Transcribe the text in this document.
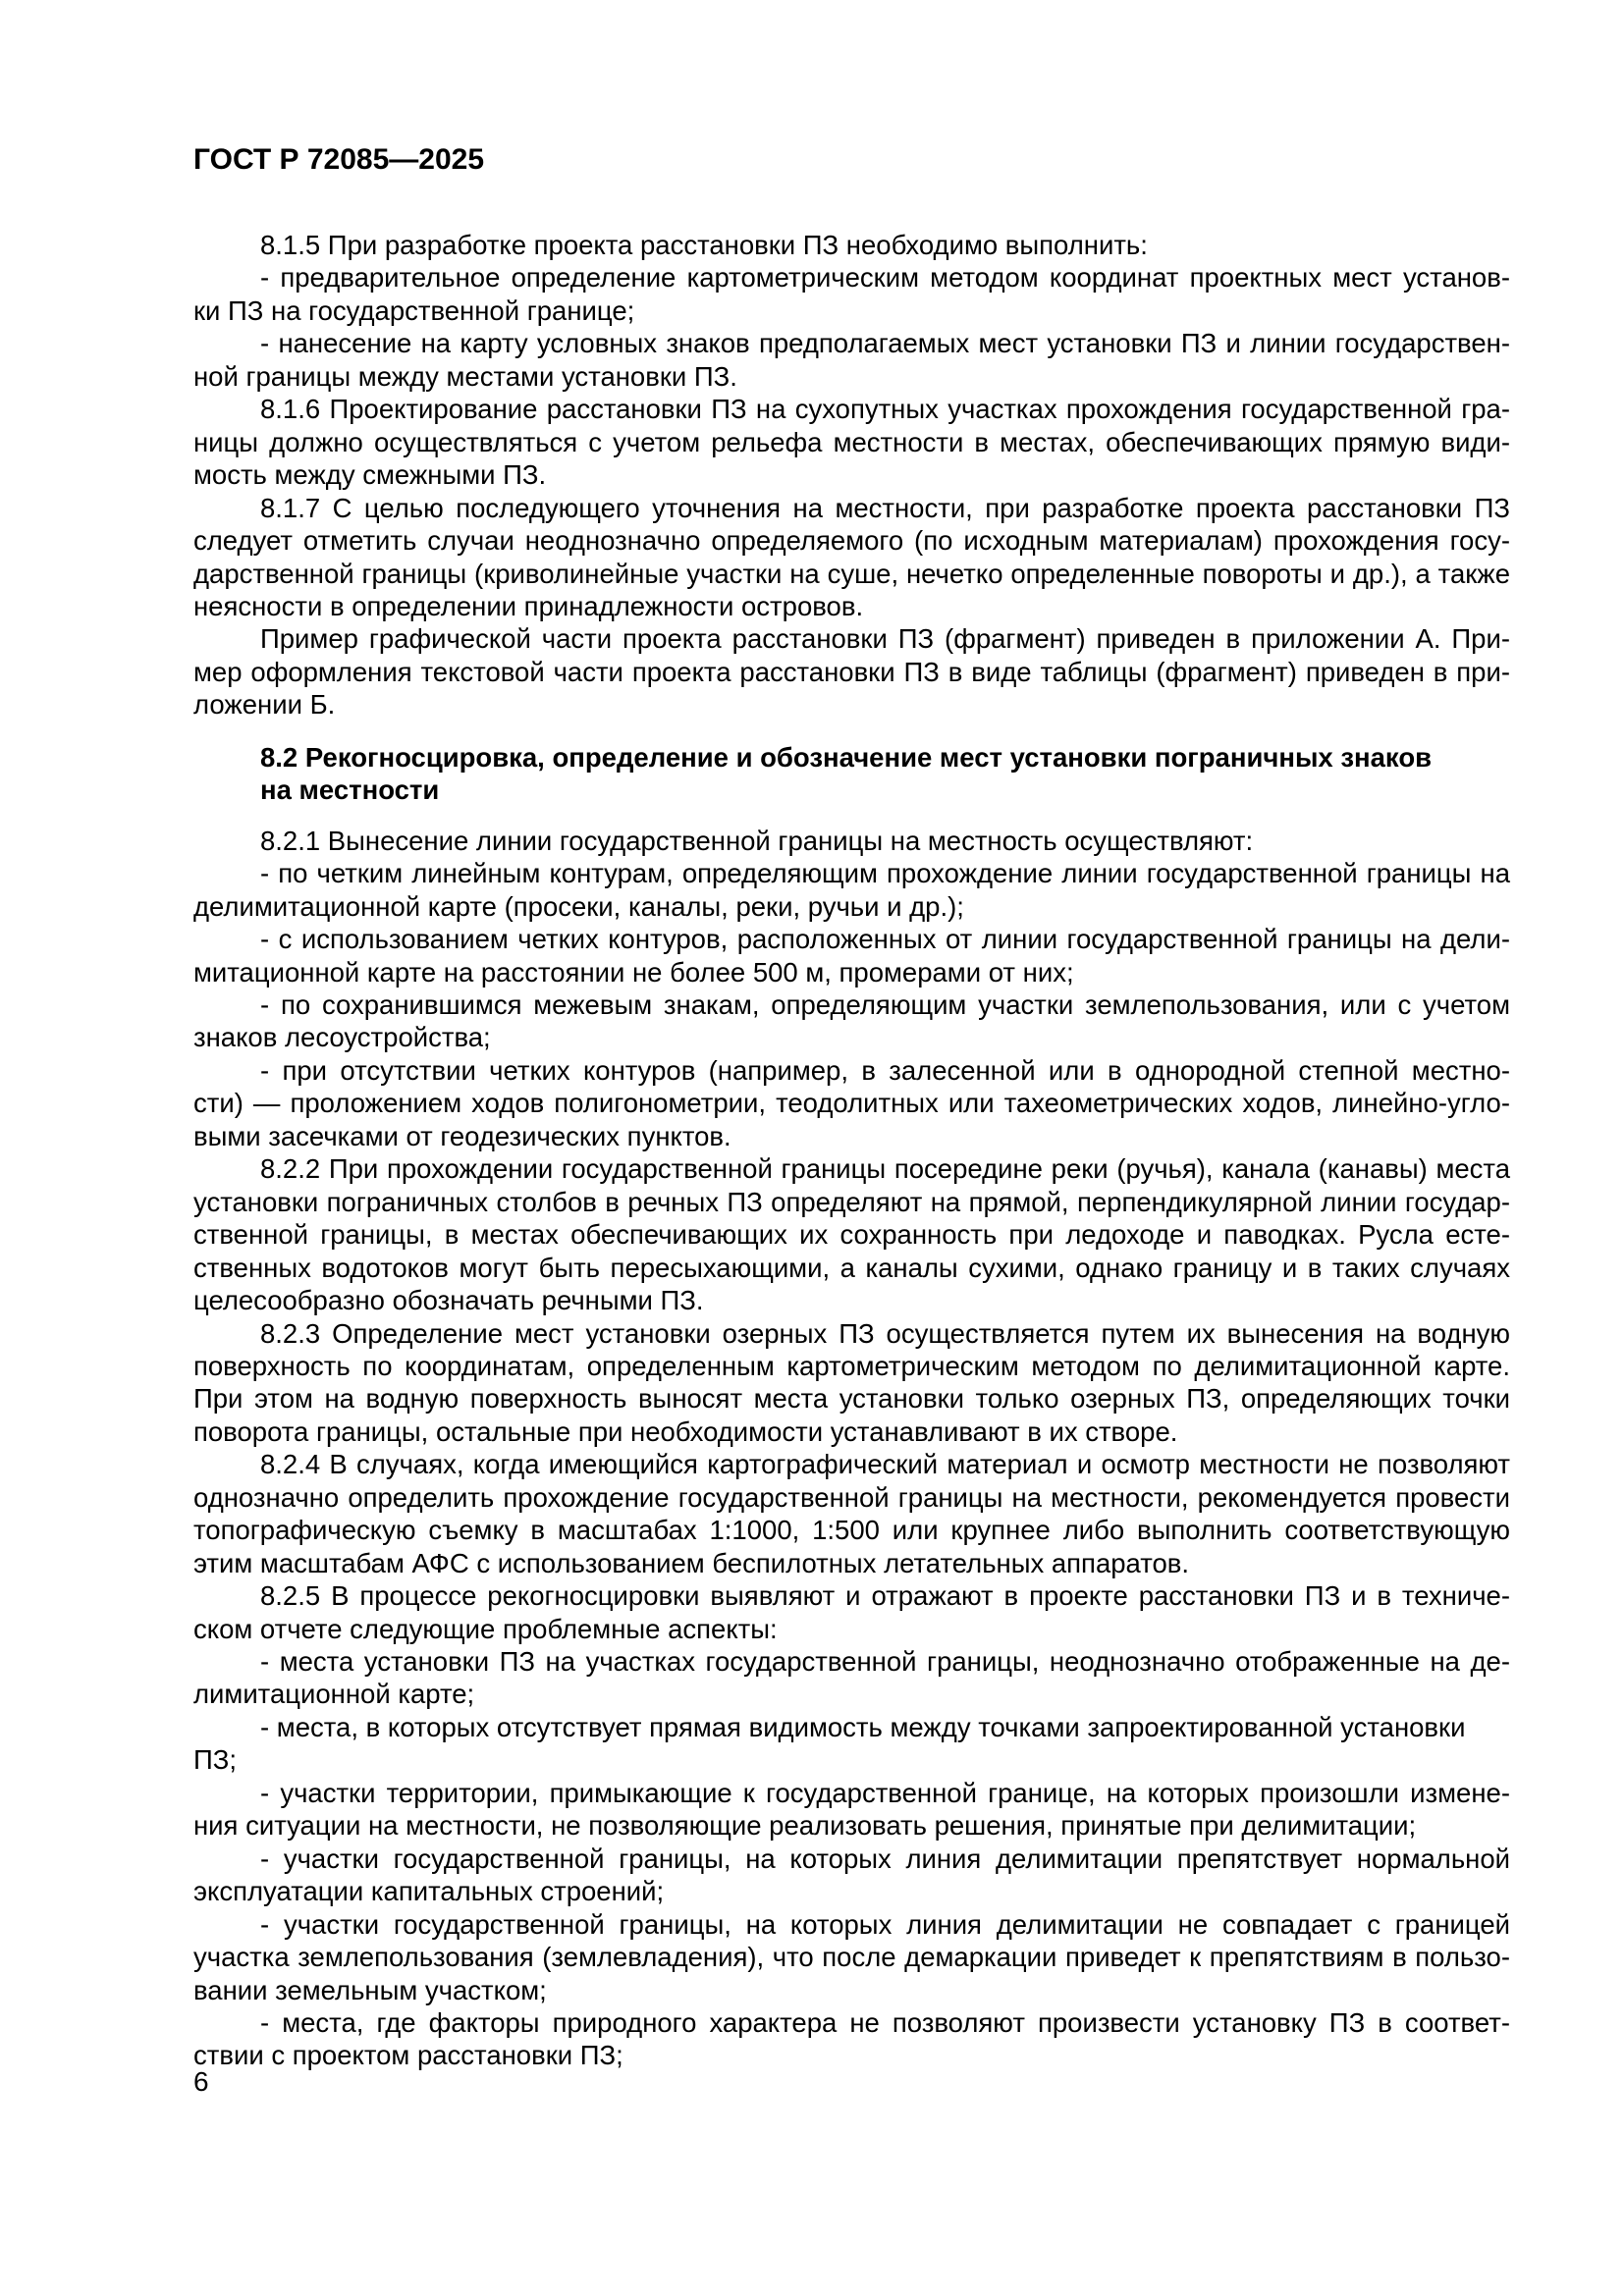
ГОСТ Р 72085—2025
8.1.5 При разработке проекта расстановки ПЗ необходимо выполнить:
- предварительное определение картометрическим методом координат проектных мест установ-
ки ПЗ на государственной границе;
- нанесение на карту условных знаков предполагаемых мест установки ПЗ и линии государствен-
ной границы между местами установки ПЗ.
8.1.6 Проектирование расстановки ПЗ на сухопутных участках прохождения государственной гра-
ницы должно осуществляться с учетом рельефа местности в местах, обеспечивающих прямую види-
мость между смежными ПЗ.
8.1.7 С целью последующего уточнения на местности, при разработке проекта расстановки ПЗ
следует отметить случаи неоднозначно определяемого (по исходным материалам) прохождения госу-
дарственной границы (криволинейные участки на суше, нечетко определенные повороты и др.), а также
неясности в определении принадлежности островов.
Пример графической части проекта расстановки ПЗ (фрагмент) приведен в приложении А. При-
мер оформления текстовой части проекта расстановки ПЗ в виде таблицы (фрагмент) приведен в при-
ложении Б.
8.2 Рекогносцировка, определение и обозначение мест установки пограничных знаков
на местности
8.2.1 Вынесение линии государственной границы на местность осуществляют:
- по четким линейным контурам, определяющим прохождение линии государственной границы на
делимитационной карте (просеки, каналы, реки, ручьи и др.);
- с использованием четких контуров, расположенных от линии государственной границы на дели-
митационной карте на расстоянии не более 500 м, промерами от них;
- по сохранившимся межевым знакам, определяющим участки землепользования, или с учетом
знаков лесоустройства;
- при отсутствии четких контуров (например, в залесенной или в однородной степной местно-
сти) — проложением ходов полигонометрии, теодолитных или тахеометрических ходов, линейно-угло-
выми засечками от геодезических пунктов.
8.2.2 При прохождении государственной границы посередине реки (ручья), канала (канавы) места
установки пограничных столбов в речных ПЗ определяют на прямой, перпендикулярной линии государ-
ственной границы, в местах обеспечивающих их сохранность при ледоходе и паводках. Русла есте-
ственных водотоков могут быть пересыхающими, а каналы сухими, однако границу и в таких случаях
целесообразно обозначать речными ПЗ.
8.2.3 Определение мест установки озерных ПЗ осуществляется путем их вынесения на водную
поверхность по координатам, определенным картометрическим методом по делимитационной карте.
При этом на водную поверхность выносят места установки только озерных ПЗ, определяющих точки
поворота границы, остальные при необходимости устанавливают в их створе.
8.2.4 В случаях, когда имеющийся картографический материал и осмотр местности не позволяют
однозначно определить прохождение государственной границы на местности, рекомендуется провести
топографическую съемку в масштабах 1:1000, 1:500 или крупнее либо выполнить соответствующую
этим масштабам АФС с использованием беспилотных летательных аппаратов.
8.2.5 В процессе рекогносцировки выявляют и отражают в проекте расстановки ПЗ и в техниче-
ском отчете следующие проблемные аспекты:
- места установки ПЗ на участках государственной границы, неоднозначно отображенные на де-
лимитационной карте;
- места, в которых отсутствует прямая видимость между точками запроектированной установки ПЗ;
- участки территории, примыкающие к государственной границе, на которых произошли измене-
ния ситуации на местности, не позволяющие реализовать решения, принятые при делимитации;
- участки государственной границы, на которых линия делимитации препятствует нормальной
эксплуатации капитальных строений;
- участки государственной границы, на которых линия делимитации не совпадает с границей
участка землепользования (землевладения), что после демаркации приведет к препятствиям в пользо-
вании земельным участком;
- места, где факторы природного характера не позволяют произвести установку ПЗ в соответ-
ствии с проектом расстановки ПЗ;
6
